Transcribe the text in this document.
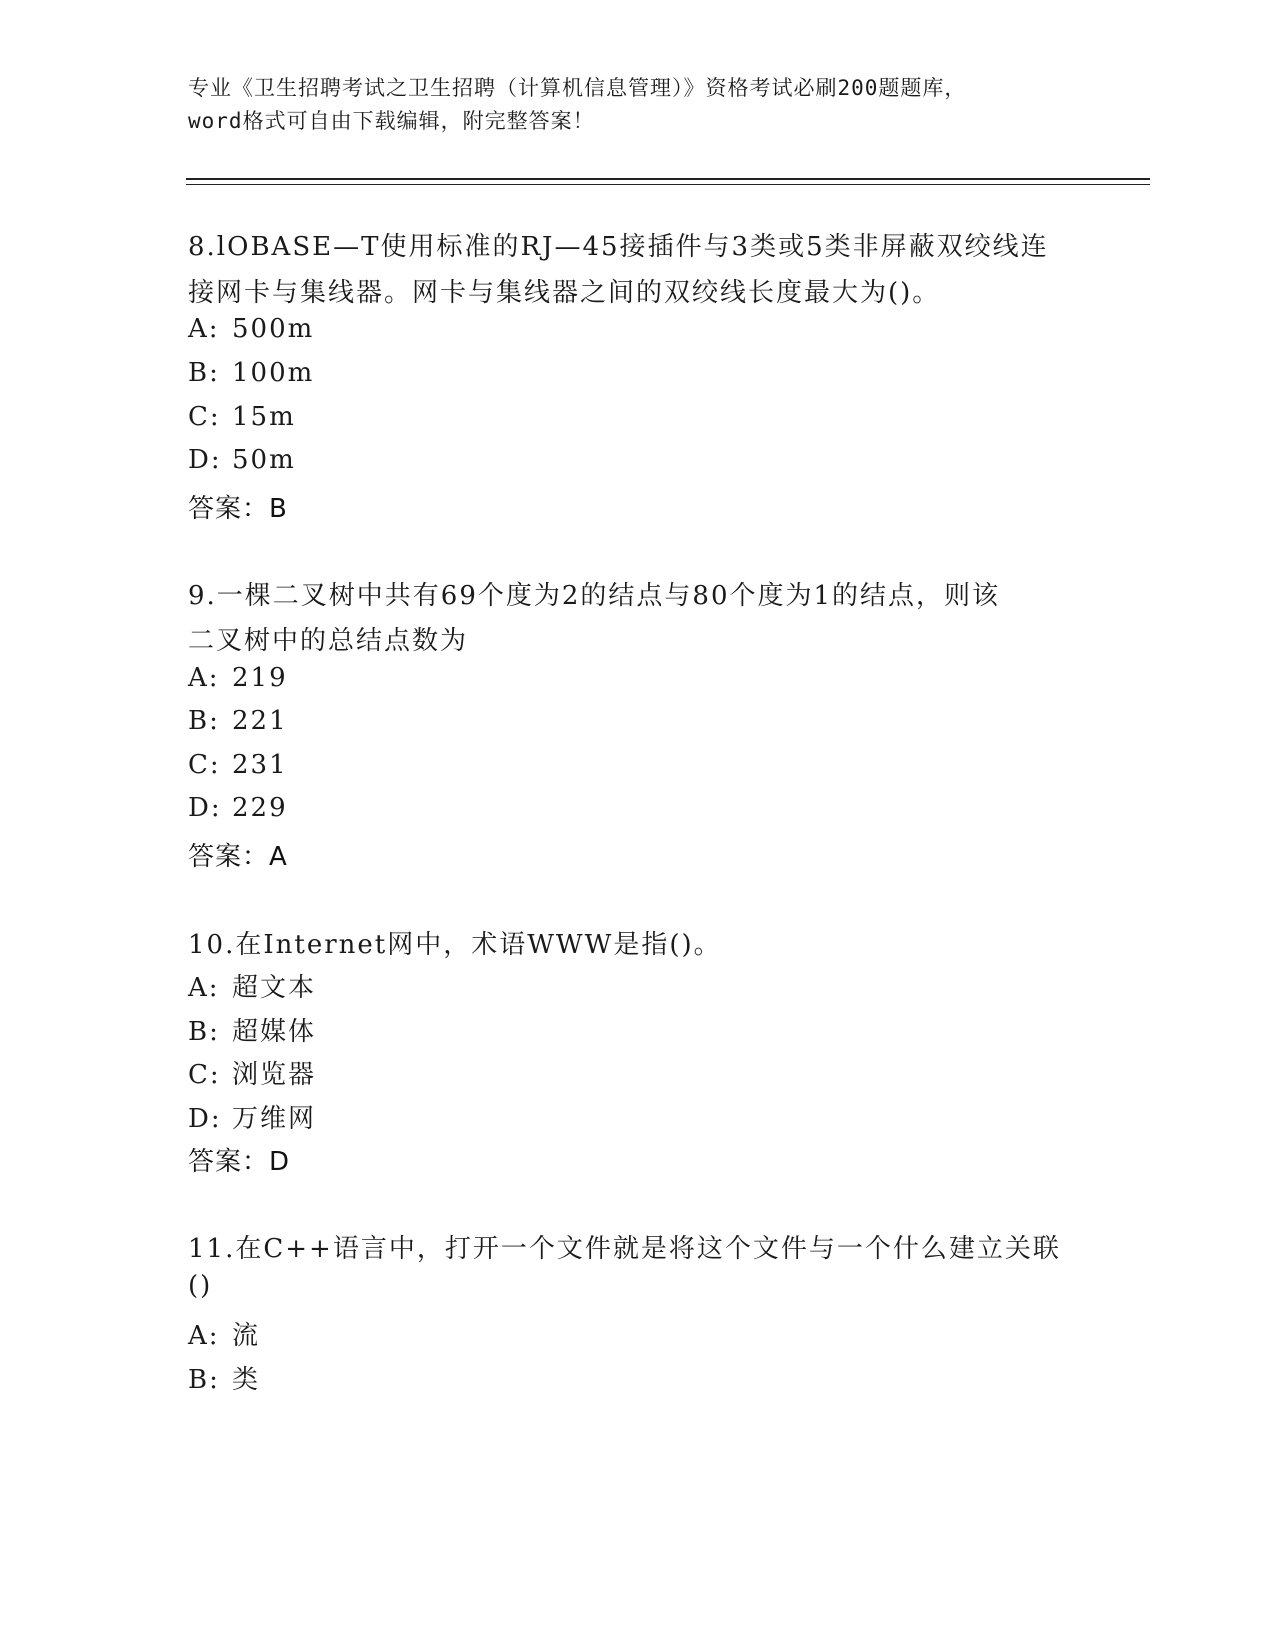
专业《卫生招聘考试之卫生招聘（计算机信息管理）》资格考试必刷200题题库，
word格式可自由下载编辑，附完整答案！
8.lOBASE—T使用标准的RJ—45接插件与3类或5类非屏蔽双绞线连
接网卡与集线器。网卡与集线器之间的双绞线长度最大为()。
A: 500m
B: 100m
C: 15m
D: 50m
答案：B
9.一棵二叉树中共有69个度为2的结点与80个度为1的结点，则该
二叉树中的总结点数为
A: 219
B: 221
C: 231
D: 229
答案：A
10.在Internet网中，术语WWW是指()。
A: 超文本
B: 超媒体
C: 浏览器
D: 万维网
答案：D
11.在C++语言中，打开一个文件就是将这个文件与一个什么建立关联
()
A: 流
B: 类
